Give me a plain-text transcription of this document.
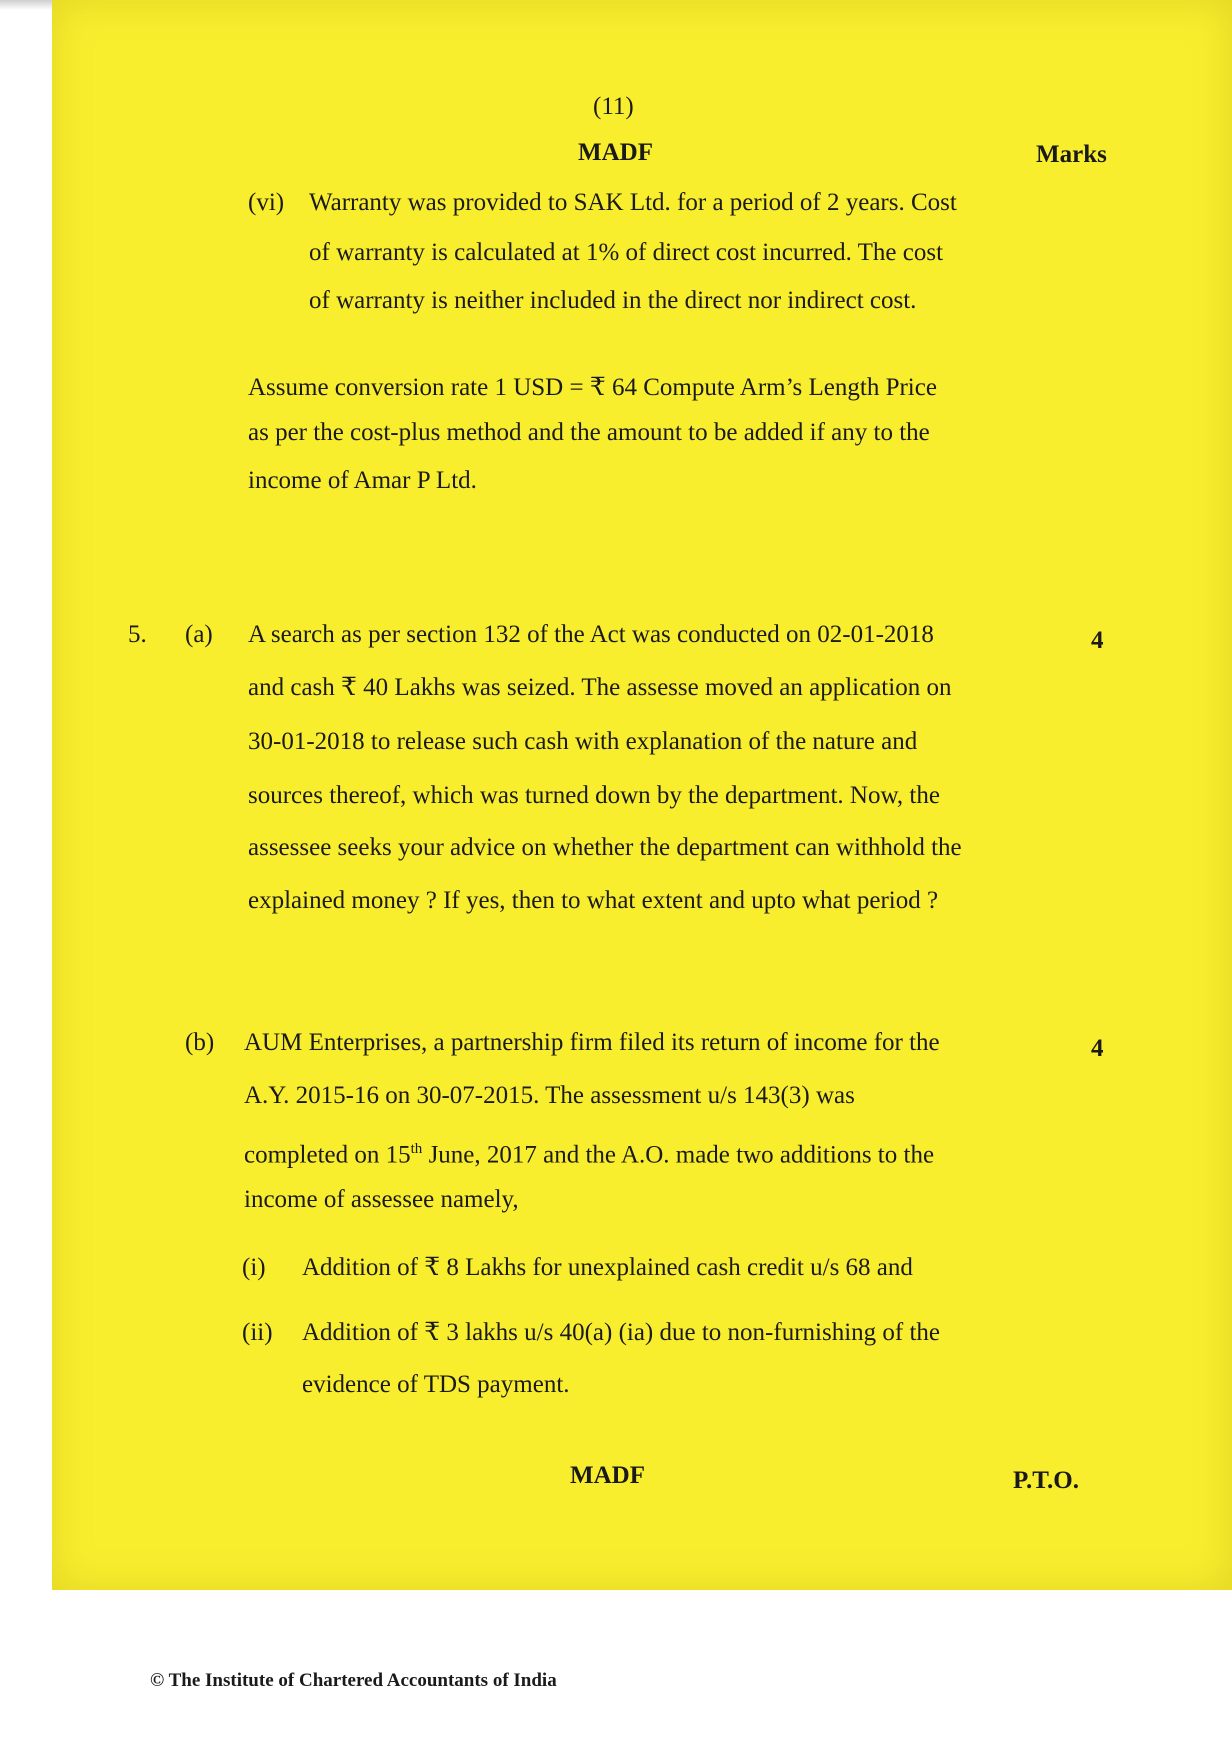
(11)
MADF	Marks
(vi) Warranty was provided to SAK Ltd. for a period of 2 years. Cost
of warranty is calculated at 1% of direct cost incurred. The cost
of warranty is neither included in the direct nor indirect cost.
Assume conversion rate 1 USD = ₹ 64 Compute Arm’s Length Price
as per the cost-plus method and the amount to be added if any to the
income of Amar P Ltd.
5. (a) A search as per section 132 of the Act was conducted on 02-01-2018
and cash ₹ 40 Lakhs was seized. The assesse moved an application on
30-01-2018 to release such cash with explanation of the nature and
sources thereof, which was turned down by the department. Now, the
assessee seeks your advice on whether the department can withhold the
explained money ? If yes, then to what extent and upto what period ?
4
(b) AUM Enterprises, a partnership firm filed its return of income for the
A.Y. 2015-16 on 30-07-2015. The assessment u/s 143(3) was
completed on 15th June, 2017 and the A.O. made two additions to the
income of assessee namely,
4
(i) Addition of ₹ 8 Lakhs for unexplained cash credit u/s 68 and
(ii) Addition of ₹ 3 lakhs u/s 40(a) (ia) due to non-furnishing of the
evidence of TDS payment.
MADF	P.T.O.
© The Institute of Chartered Accountants of India
